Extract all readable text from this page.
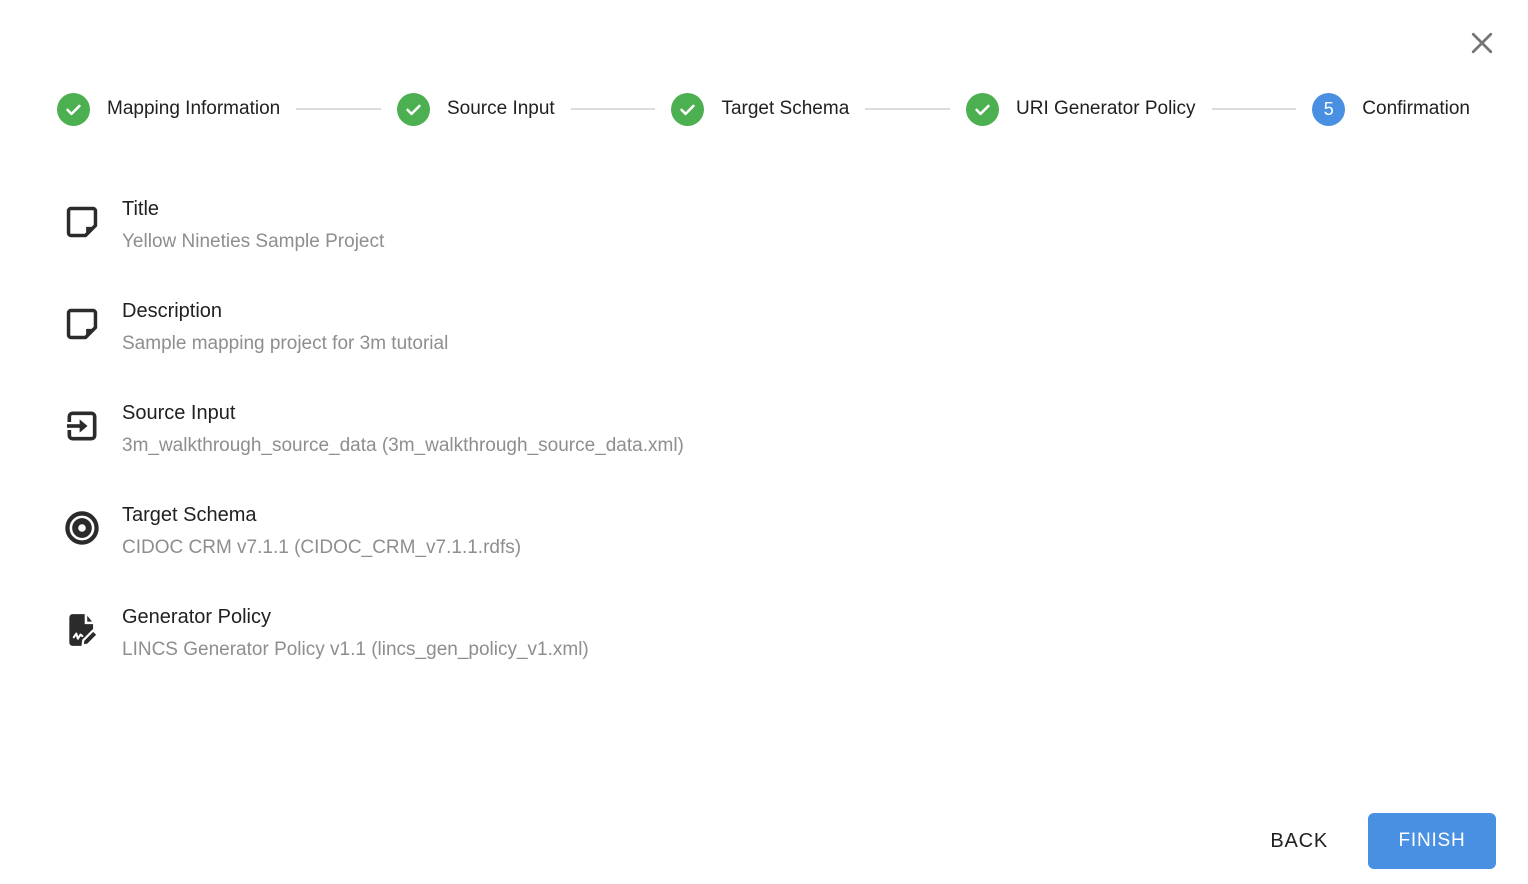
Mapping Information	Source Input	Target Schema	URI Generator Policy	5 Confirmation
Title
Yellow Nineties Sample Project
Description
Sample mapping project for 3m tutorial
Source Input
3m_walkthrough_source_data (3m_walkthrough_source_data.xml)
Target Schema
CIDOC CRM v7.1.1 (CIDOC_CRM_v7.1.1.rdfs)
Generator Policy
LINCS Generator Policy v1.1 (lincs_gen_policy_v1.xml)
BACK	FINISH
